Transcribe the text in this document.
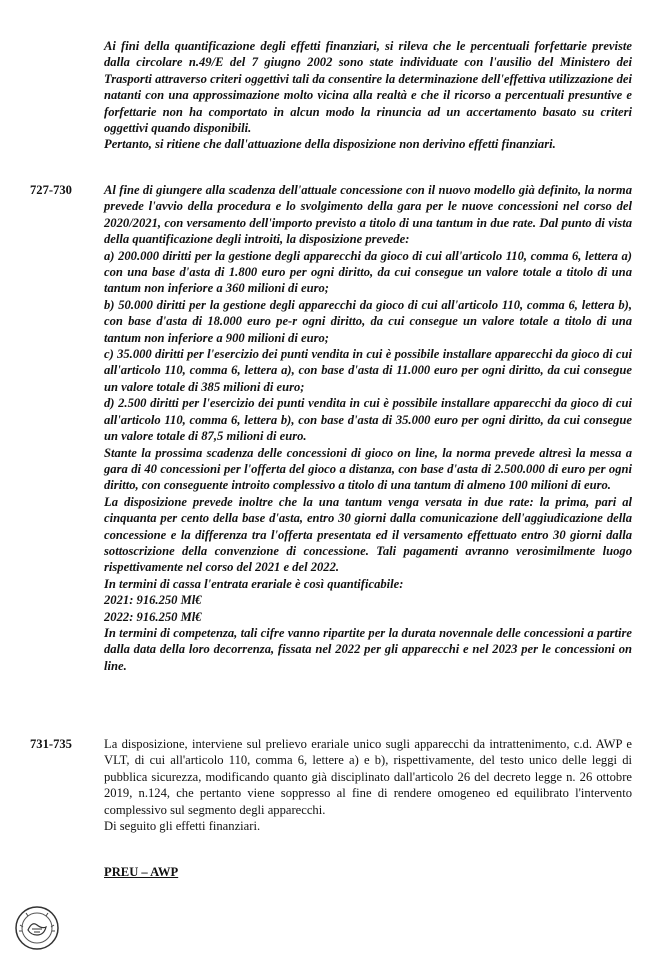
Ai fini della quantificazione degli effetti finanziari, si rileva che le percentuali forfettarie previste dalla circolare n.49/E del 7 giugno 2002 sono state individuate con l'ausilio del Ministero dei Trasporti attraverso criteri oggettivi tali da consentire la determinazione dell'effettiva utilizzazione dei natanti con una approssimazione molto vicina alla realtà e che il ricorso a percentuali presuntive e forfettarie non ha comportato in alcun modo la rinuncia ad un accertamento basato su criteri oggettivi quando disponibili.

Pertanto, si ritiene che dall'attuazione della disposizione non derivino effetti finanziari.

727-730	Al fine di giungere alla scadenza dell'attuale concessione con il nuovo modello già definito, la norma prevede l'avvio della procedura e lo svolgimento della gara per le nuove concessioni nel corso del 2020/2021, con versamento dell'importo previsto a titolo di una tantum in due rate. Dal punto di vista della quantificazione degli introiti, la disposizione prevede:

a) 200.000 diritti per la gestione degli apparecchi da gioco di cui all'articolo 110, comma 6, lettera a) con una base d'asta di 1.800 euro per ogni diritto, da cui consegue un valore totale a titolo di una tantum non inferiore a 360 milioni di euro;

b) 50.000 diritti per la gestione degli apparecchi da gioco di cui all'articolo 110, comma 6, lettera b), con base d'asta di 18.000 euro pe-r ogni diritto, da cui consegue un valore totale a titolo di una tantum non inferiore a 900 milioni di euro;

c) 35.000 diritti per l'esercizio dei punti vendita in cui è possibile installare apparecchi da gioco di cui all'articolo 110, comma 6, lettera a), con base d'asta di 11.000 euro per ogni diritto, da cui consegue un valore totale di 385 milioni di euro;

d) 2.500 diritti per l'esercizio dei punti vendita in cui è possibile installare apparecchi da gioco di cui all'articolo 110, comma 6, lettera b), con base d'asta di 35.000 euro per ogni diritto, da cui consegue un valore totale di 87,5 milioni di euro.

Stante la prossima scadenza delle concessioni di gioco on line, la norma prevede altresì la messa a gara di 40 concessioni per l'offerta del gioco a distanza, con base d'asta di 2.500.000 di euro per ogni diritto, con conseguente introito complessivo a titolo di una tantum di almeno 100 milioni di euro.

La disposizione prevede inoltre che la una tantum venga versata in due rate: la prima, pari al cinquanta per cento della base d'asta, entro 30 giorni dalla comunicazione dell'aggiudicazione della concessione e la differenza tra l'offerta presentata ed il versamento effettuato entro 30 giorni dalla sottoscrizione della convenzione di concessione. Tali pagamenti avranno verosimilmente luogo rispettivamente nel corso del 2021 e del 2022.

In termini di cassa l'entrata erariale è così quantificabile:

2021: 916.250 Ml€

2022: 916.250 Ml€

In termini di competenza, tali cifre vanno ripartite per la durata novennale delle concessioni a partire dalla data della loro decorrenza, fissata nel 2022 per gli apparecchi e nel 2023 per le concessioni on line.

731-735	La disposizione, interviene sul prelievo erariale unico sugli apparecchi da intrattenimento, c.d. AWP e VLT, di cui all'articolo 110, comma 6, lettere a) e b), rispettivamente, del testo unico delle leggi di pubblica sicurezza, modificando quanto già disciplinato dall'articolo 26 del decreto legge n. 26 ottobre 2019, n.124, che pertanto viene soppresso al fine di rendere omogeneo ed equilibrato l'intervento complessivo sul segmento degli apparecchi.

Di seguito gli effetti finanziari.

PREU – AWP
